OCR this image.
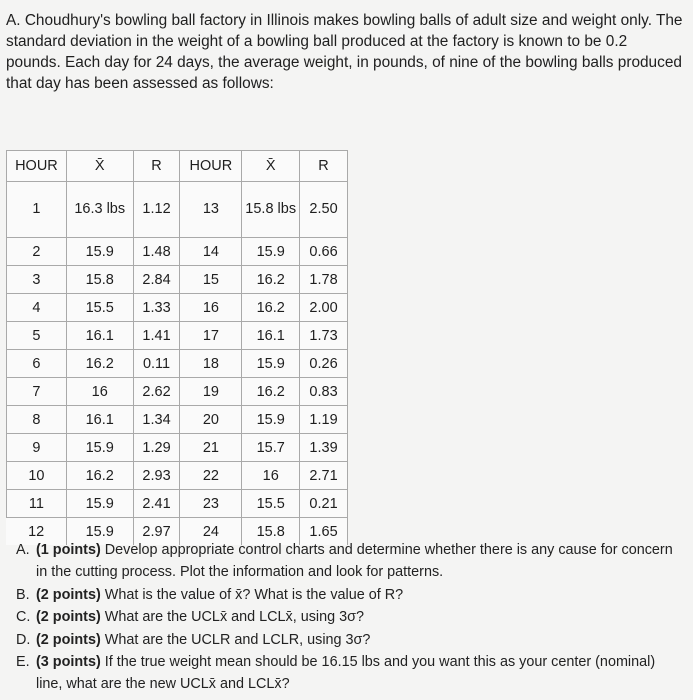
A. Choudhury's bowling ball factory in Illinois makes bowling balls of adult size and weight only. The standard deviation in the weight of a bowling ball produced at the factory is known to be 0.2 pounds. Each day for 24 days, the average weight, in pounds, of nine of the bowling balls produced that day has been assessed as follows:
HOUR	X̄	R	HOUR	X̄	R
1	16.3 lbs	1.12	13	15.8 lbs	2.50
2	15.9	1.48	14	15.9	0.66
3	15.8	2.84	15	16.2	1.78
4	15.5	1.33	16	16.2	2.00
5	16.1	1.41	17	16.1	1.73
6	16.2	0.11	18	15.9	0.26
7	16	2.62	19	16.2	0.83
8	16.1	1.34	20	15.9	1.19
9	15.9	1.29	21	15.7	1.39
10	16.2	2.93	22	16	2.71
11	15.9	2.41	23	15.5	0.21
12	15.9	2.97	24	15.8	1.65
A. (1 points) Develop appropriate control charts and determine whether there is any cause for concern in the cutting process. Plot the information and look for patterns.
B. (2 points) What is the value of x̄? What is the value of R?
C. (2 points) What are the UCLx̄ and LCLx̄, using 3σ?
D. (2 points) What are the UCLR and LCLR, using 3σ?
E. (3 points) If the true weight mean should be 16.15 lbs and you want this as your center (nominal) line, what are the new UCLx̄ and LCLx̄?
